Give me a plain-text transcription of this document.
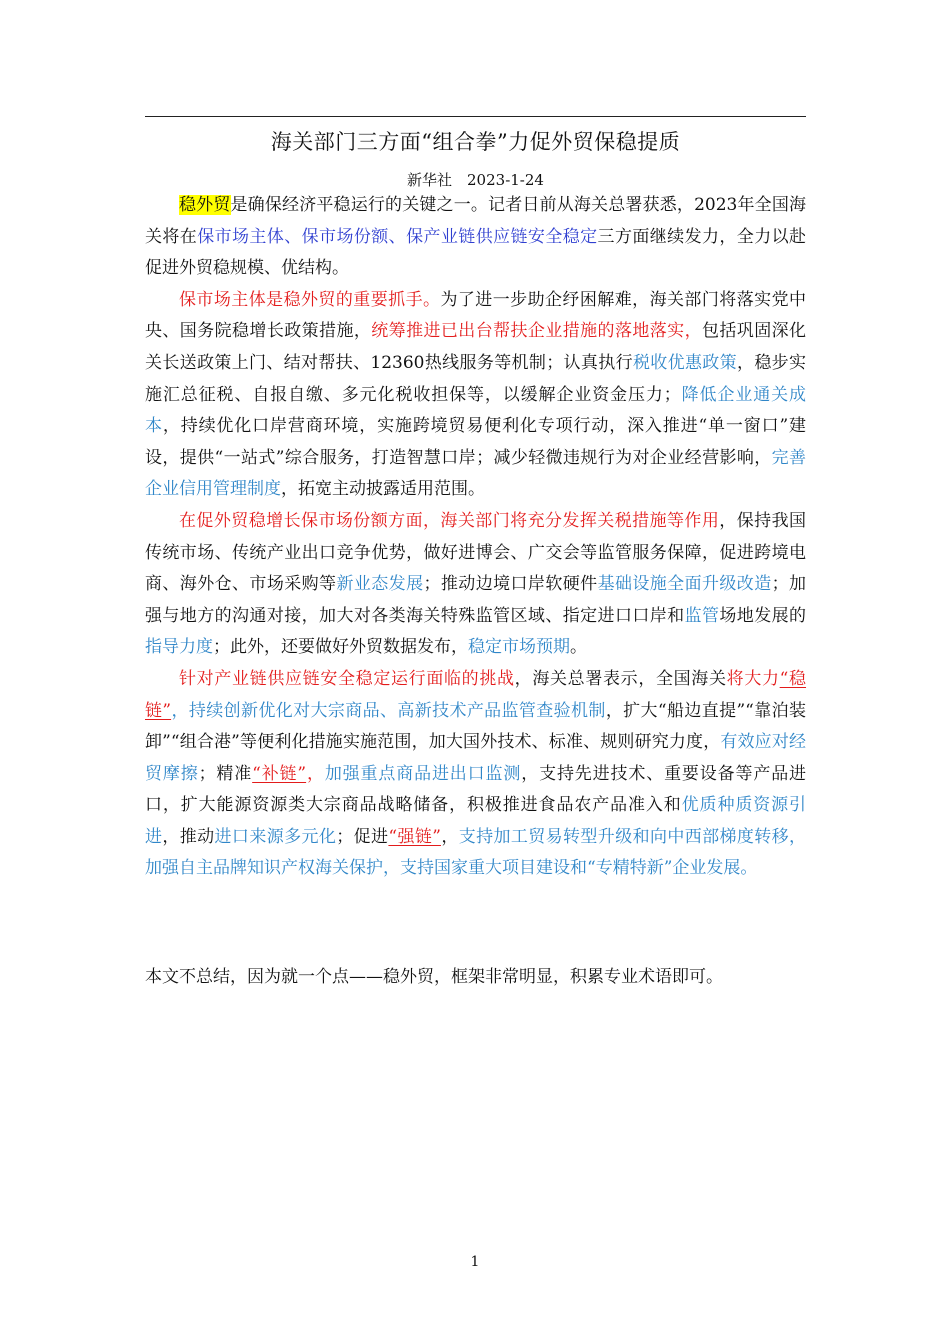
海关部门三方面“组合拳”力促外贸保稳提质
新华社　2023-1-24

稳外贸是确保经济平稳运行的关键之一。记者日前从海关总署获悉，2023年全国海关将在保市场主体、保市场份额、保产业链供应链安全稳定三方面继续发力，全力以赴促进外贸稳规模、优结构。

保市场主体是稳外贸的重要抓手。为了进一步助企纾困解难，海关部门将落实党中央、国务院稳增长政策措施，统筹推进已出台帮扶企业措施的落地落实，包括巩固深化关长送政策上门、结对帮扶、12360热线服务等机制；认真执行税收优惠政策，稳步实施汇总征税、自报自缴、多元化税收担保等，以缓解企业资金压力；降低企业通关成本，持续优化口岸营商环境，实施跨境贸易便利化专项行动，深入推进“单一窗口”建设，提供“一站式”综合服务，打造智慧口岸；减少轻微违规行为对企业经营影响，完善企业信用管理制度，拓宽主动披露适用范围。

在促外贸稳增长保市场份额方面，海关部门将充分发挥关税措施等作用，保持我国传统市场、传统产业出口竞争优势，做好进博会、广交会等监管服务保障，促进跨境电商、海外仓、市场采购等新业态发展；推动边境口岸软硬件基础设施全面升级改造；加强与地方的沟通对接，加大对各类海关特殊监管区域、指定进口口岸和监管场地发展的指导力度；此外，还要做好外贸数据发布，稳定市场预期。

针对产业链供应链安全稳定运行面临的挑战，海关总署表示，全国海关将大力“稳链”，持续创新优化对大宗商品、高新技术产品监管查验机制，扩大“船边直提”“靠泊装卸”“组合港”等便利化措施实施范围，加大国外技术、标准、规则研究力度，有效应对经贸摩擦；精准“补链”，加强重点商品进出口监测，支持先进技术、重要设备等产品进口，扩大能源资源类大宗商品战略储备，积极推进食品农产品准入和优质种质资源引进，推动进口来源多元化；促进“强链”，支持加工贸易转型升级和向中西部梯度转移，加强自主品牌知识产权海关保护，支持国家重大项目建设和“专精特新”企业发展。

本文不总结，因为就一个点——稳外贸，框架非常明显，积累专业术语即可。

1
